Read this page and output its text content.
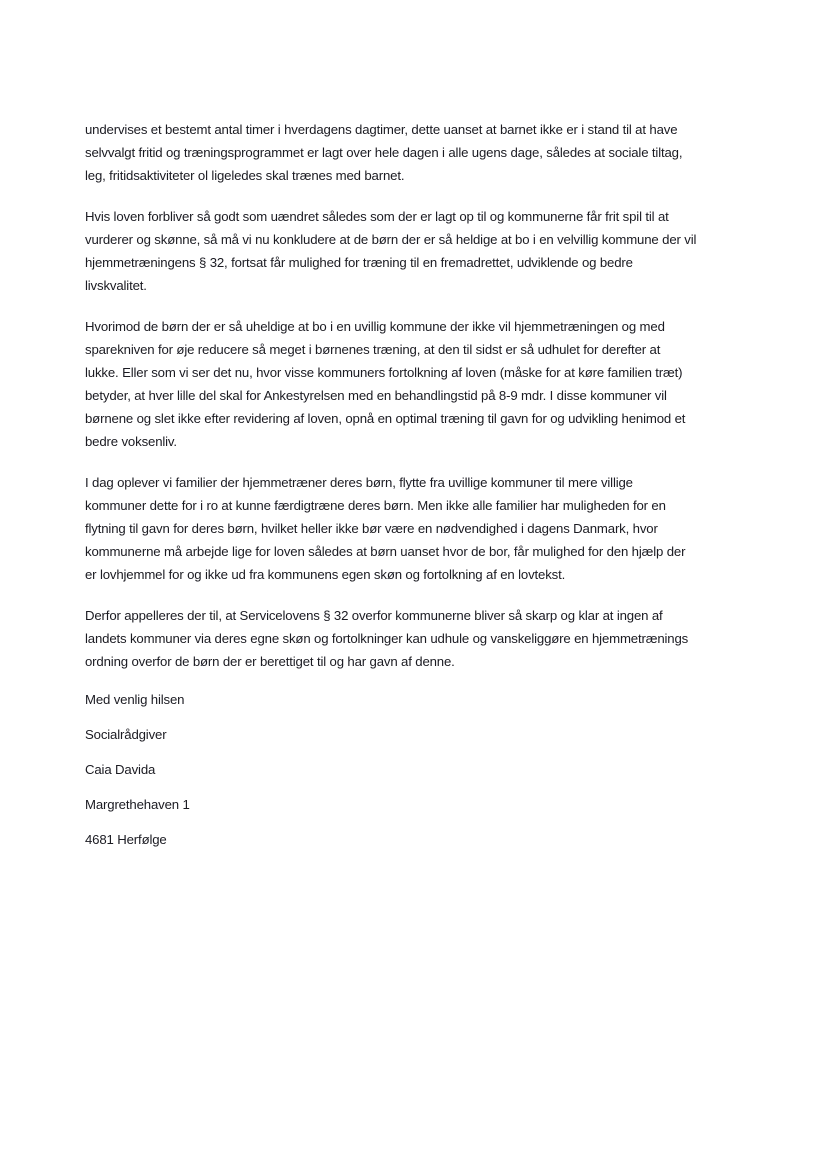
undervises et bestemt antal timer i hverdagens dagtimer, dette uanset at barnet ikke er i stand til at have
selvvalgt fritid og træningsprogrammet er lagt over hele dagen i alle ugens dage, således at sociale tiltag,
leg, fritidsaktiviteter ol ligeledes skal trænes med barnet.

Hvis loven forbliver så godt som uændret således som der er lagt op til og kommunerne får frit spil til at
vurderer og skønne, så må vi nu konkludere at de børn der er så heldige at bo i en velvillig kommune der vil
hjemmetræningens § 32, fortsat får mulighed for træning til en fremadrettet, udviklende og bedre
livskvalitet.

Hvorimod de børn der er så uheldige at bo i en uvillig kommune der ikke vil hjemmetræningen og med
sparekniven for øje reducere så meget i børnenes træning, at den til sidst er så udhulet for derefter at
lukke. Eller som vi ser det nu, hvor visse kommuners fortolkning af loven (måske for at køre familien træt)
betyder, at hver lille del skal for Ankestyrelsen med en behandlingstid på 8-9 mdr. I disse kommuner vil
børnene og slet ikke efter revidering af loven, opnå en optimal træning til gavn for og udvikling henimod et
bedre voksenliv.

I dag oplever vi familier der hjemmetræner deres børn, flytte fra uvillige kommuner til mere villige
kommuner dette for i ro at kunne færdigtræne deres børn. Men ikke alle familier har muligheden for en
flytning til gavn for deres børn, hvilket heller ikke bør være en nødvendighed i dagens Danmark, hvor
kommunerne må arbejde lige for loven således at børn uanset hvor de bor, får mulighed for den hjælp der
er lovhjemmel for og ikke ud fra kommunens egen skøn og fortolkning af en lovtekst.

Derfor appelleres der til, at Servicelovens § 32 overfor kommunerne bliver så skarp og klar at ingen af
landets kommuner via deres egne skøn og fortolkninger kan udhule og vanskeliggøre en hjemmetrænings
ordning overfor de børn der er berettiget til og har gavn af denne.

Med venlig hilsen
Socialrådgiver
Caia Davida
Margrethehaven 1
4681 Herfølge
